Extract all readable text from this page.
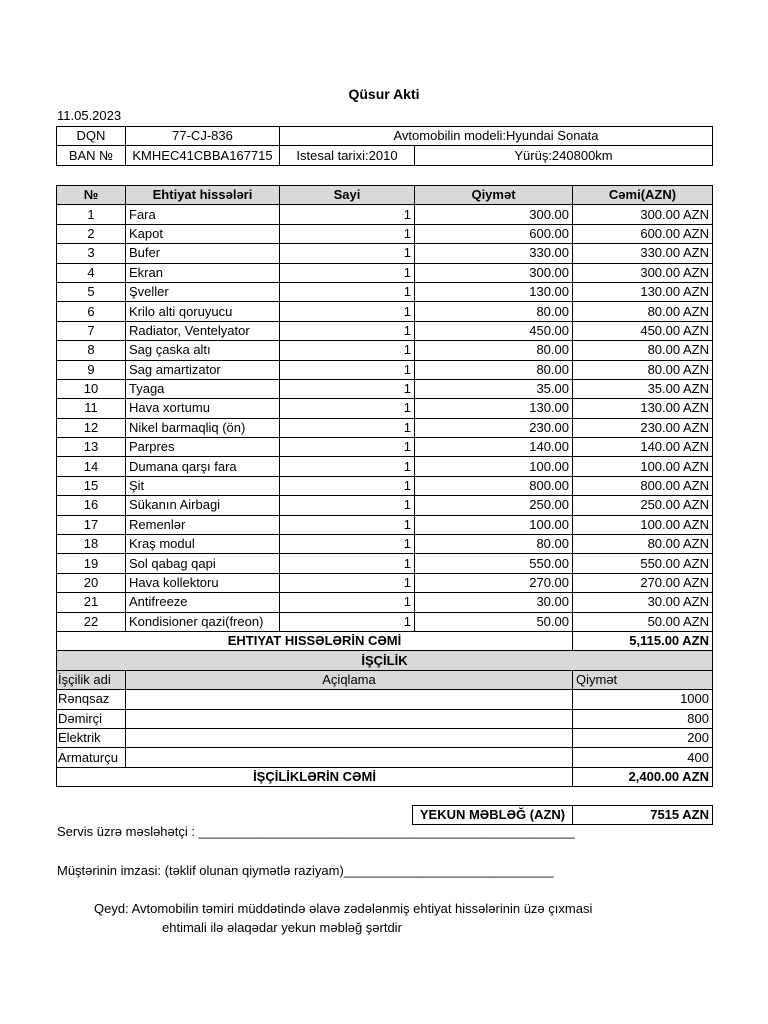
Qüsur Akti
11.05.2023
DQN	77-CJ-836	Avtomobilin modeli:Hyundai Sonata	
BAN №	KMHEC41CBBA167715	Istesal tarixi:2010	Yürüş:240800km
№	Ehtiyat hissələri	Sayi	Qiymət	Cəmi(AZN)
1	Fara	1	300.00	300.00 AZN
2	Kapot	1	600.00	600.00 AZN
3	Bufer	1	330.00	330.00 AZN
4	Ekran	1	300.00	300.00 AZN
5	Şveller	1	130.00	130.00 AZN
6	Krilo alti qoruyucu	1	80.00	80.00 AZN
7	Radiator, Ventelyator	1	450.00	450.00 AZN
8	Sag çaska altı	1	80.00	80.00 AZN
9	Sag amartizator	1	80.00	80.00 AZN
10	Tyaga	1	35.00	35.00 AZN
11	Hava xortumu	1	130.00	130.00 AZN
12	Nikel barmaqliq (ön)	1	230.00	230.00 AZN
13	Parpres	1	140.00	140.00 AZN
14	Dumana qarşı fara	1	100.00	100.00 AZN
15	Şit	1	800.00	800.00 AZN
16	Sükanın Airbagi	1	250.00	250.00 AZN
17	Remenlər	1	100.00	100.00 AZN
18	Kraş modul	1	80.00	80.00 AZN
19	Sol qabag qapi	1	550.00	550.00 AZN
20	Hava kollektoru	1	270.00	270.00 AZN
21	Antifreeze	1	30.00	30.00 AZN
22	Kondisioner qazi(freon)	1	50.00	50.00 AZN
EHTIYAT HISSƏLƏRİN CƏMİ				5,115.00 AZN
İŞÇİLİK				
İşçilik adi	Açiqlama			Qiymət
Rənqsaz				1000
Dəmirçi				800
Elektrik				200
Armaturçu				400
İŞÇİLİKLƏRİN CƏMİ				2,400.00 AZN
YEKUN MƏBLƏĞ (AZN)	7515 AZN
Servis üzrə məsləhətçi : ____________________________________________________
Müştərinin imzasi: (təklif olunan qiymətlə raziyam)_____________________________
Qeyd: Avtomobilin təmiri müddətində əlavə zədələnmiş ehtiyat hissələrinin üzə çıxmasi
ehtimali ilə əlaqədar yekun məbləğ şərtdir
